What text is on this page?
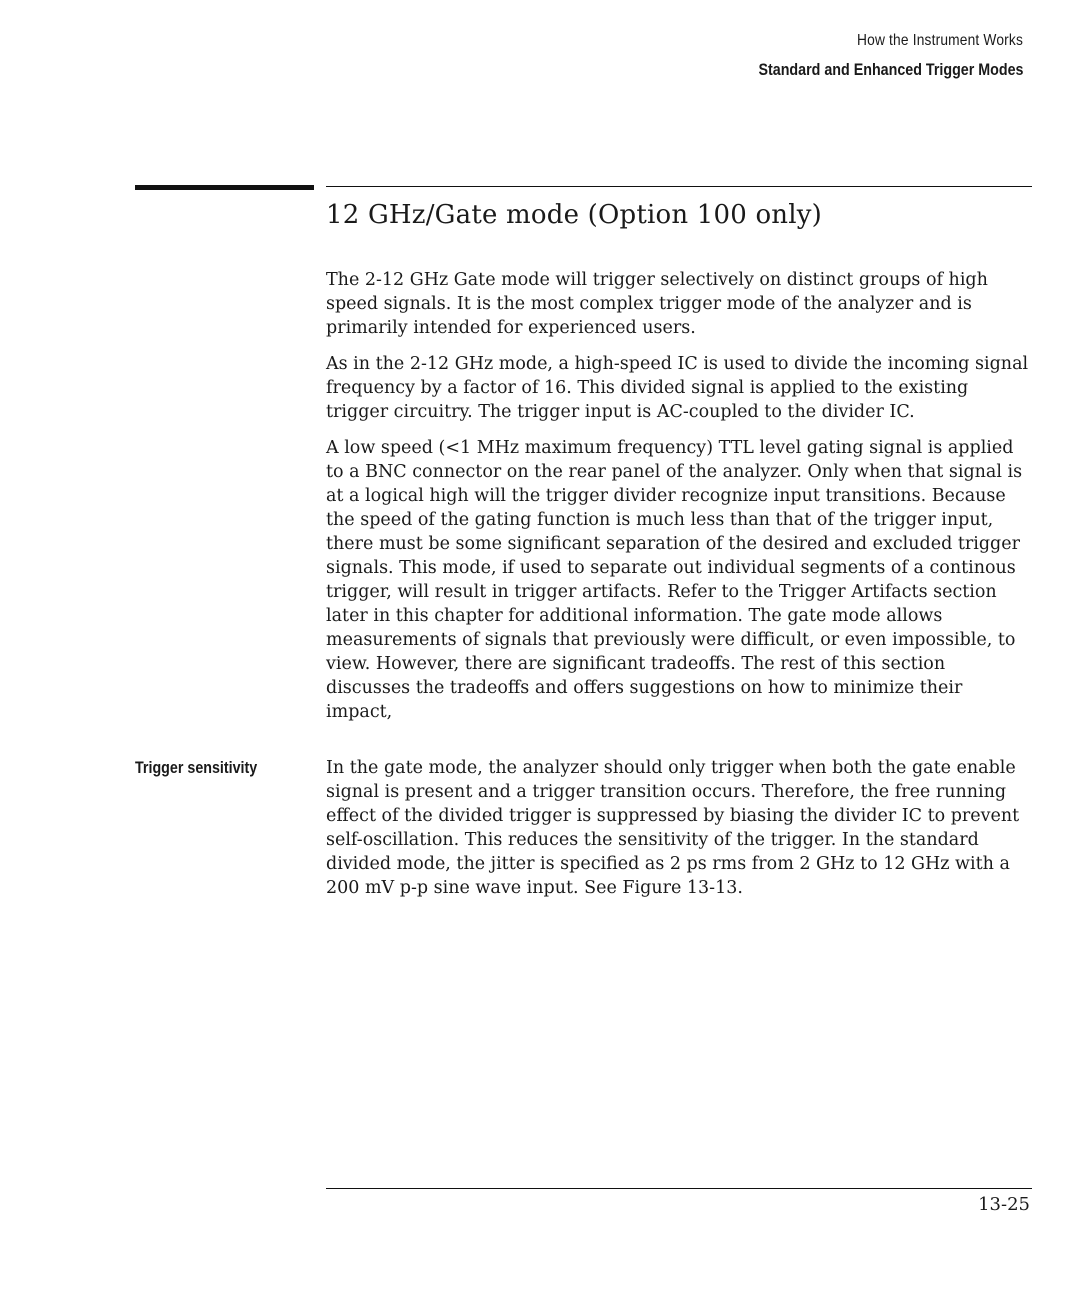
How the Instrument Works
Standard and Enhanced Trigger Modes
12 GHz/Gate mode (Option 100 only)

The 2-12 GHz Gate mode will trigger selectively on distinct groups of high speed signals. It is the most complex trigger mode of the analyzer and is primarily intended for experienced users.

As in the 2-12 GHz mode, a high-speed IC is used to divide the incoming signal frequency by a factor of 16. This divided signal is applied to the existing trigger circuitry. The trigger input is AC-coupled to the divider IC.

A low speed (<1 MHz maximum frequency) TTL level gating signal is applied to a BNC connector on the rear panel of the analyzer. Only when that signal is at a logical high will the trigger divider recognize input transitions. Because the speed of the gating function is much less than that of the trigger input, there must be some significant separation of the desired and excluded trigger signals. This mode, if used to separate out individual segments of a continous trigger, will result in trigger artifacts. Refer to the Trigger Artifacts section later in this chapter for additional information. The gate mode allows measurements of signals that previously were difficult, or even impossible, to view. However, there are significant tradeoffs. The rest of this section discusses the tradeoffs and offers suggestions on how to minimize their impact,

Trigger sensitivity	In the gate mode, the analyzer should only trigger when both the gate enable signal is present and a trigger transition occurs. Therefore, the free running effect of the divided trigger is suppressed by biasing the divider IC to prevent self-oscillation. This reduces the sensitivity of the trigger. In the standard divided mode, the jitter is specified as 2 ps rms from 2 GHz to 12 GHz with a 200 mV p-p sine wave input. See Figure 13-13.

13-25
